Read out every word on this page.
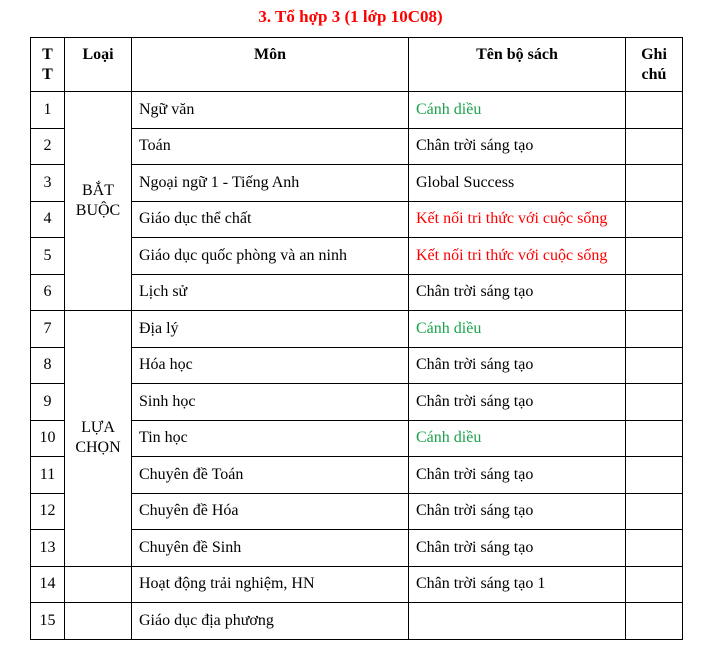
3. Tổ hợp 3 (1 lớp 10C08)
T T	Loại	Môn	Tên bộ sách	Ghi chú
1	BẮT BUỘC	Ngữ văn	Cánh diều	
2		Toán	Chân trời sáng tạo	
3		Ngoại ngữ 1 - Tiếng Anh	Global Success	
4		Giáo dục thể chất	Kết nối tri thức với cuộc sống	
5		Giáo dục quốc phòng và an ninh	Kết nối tri thức với cuộc sống	
6		Lịch sử	Chân trời sáng tạo	
7	LỰA CHỌN	Địa lý	Cánh diều	
8		Hóa học	Chân trời sáng tạo	
9		Sinh học	Chân trời sáng tạo	
10		Tin học	Cánh diều	
11		Chuyên đề Toán	Chân trời sáng tạo	
12		Chuyên đề Hóa	Chân trời sáng tạo	
13		Chuyên đề Sinh	Chân trời sáng tạo	
14		Hoạt động trải nghiệm, HN	Chân trời sáng tạo 1	
15		Giáo dục địa phương		
